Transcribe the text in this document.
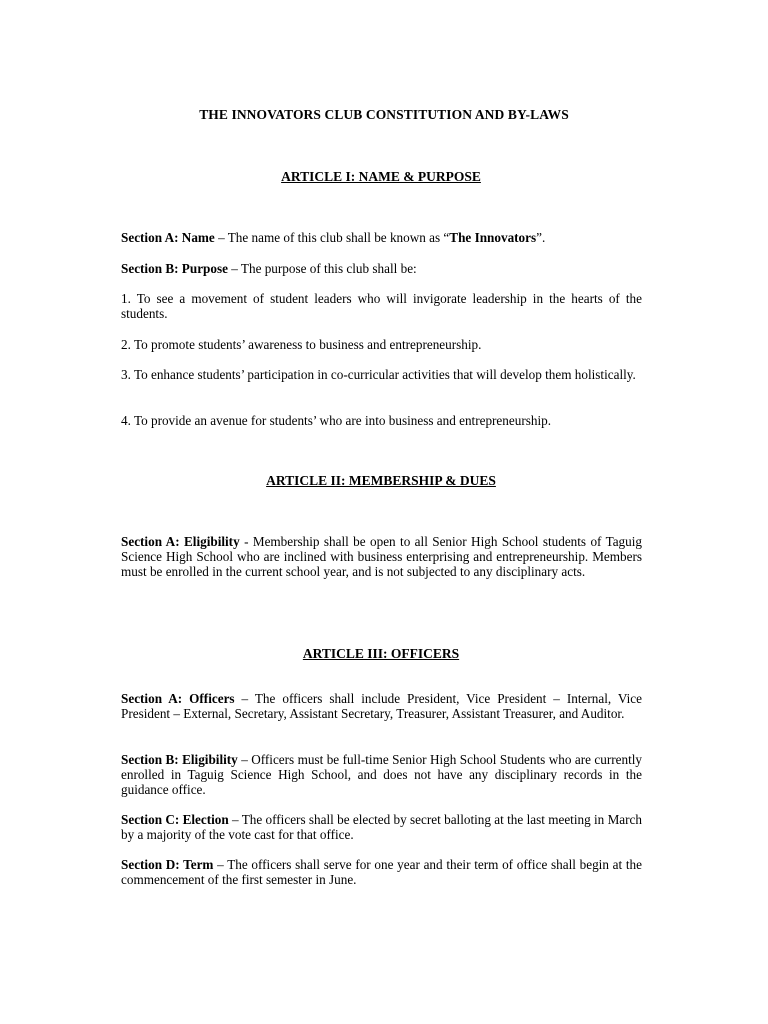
THE INNOVATORS CLUB CONSTITUTION AND BY-LAWS
ARTICLE I: NAME & PURPOSE
Section A: Name – The name of this club shall be known as “The Innovators”.
Section B: Purpose – The purpose of this club shall be:
1. To see a movement of student leaders who will invigorate leadership in the hearts of the students.
2. To promote students’ awareness to business and entrepreneurship.
3. To enhance students’ participation in co-curricular activities that will develop them holistically.
4. To provide an avenue for students’ who are into business and entrepreneurship.
ARTICLE II: MEMBERSHIP & DUES
Section A: Eligibility - Membership shall be open to all Senior High School students of Taguig Science High School who are inclined with business enterprising and entrepreneurship. Members must be enrolled in the current school year, and is not subjected to any disciplinary acts.
ARTICLE III: OFFICERS
Section A: Officers – The officers shall include President, Vice President – Internal, Vice President – External, Secretary, Assistant Secretary, Treasurer, Assistant Treasurer, and Auditor.
Section B: Eligibility – Officers must be full-time Senior High School Students who are currently enrolled in Taguig Science High School, and does not have any disciplinary records in the guidance office.
Section C: Election – The officers shall be elected by secret balloting at the last meeting in March by a majority of the vote cast for that office.
Section D: Term – The officers shall serve for one year and their term of office shall begin at the commencement of the first semester in June.
